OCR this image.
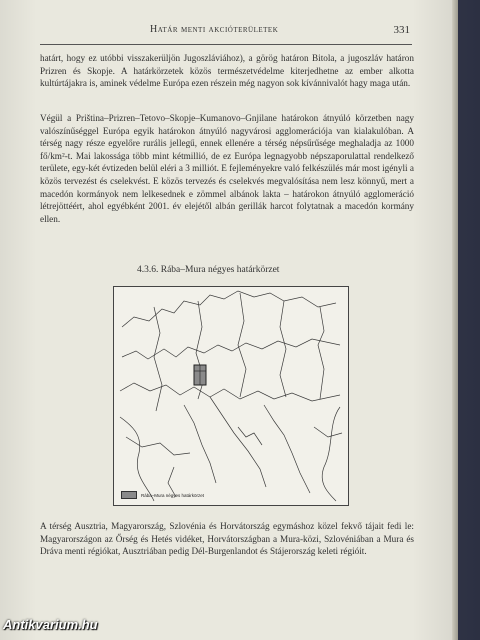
Határ menti akcióterületek	331

határt, hogy ez utóbbi visszakerüljön Jugoszláviához), a görög határon Bitola, a jugoszláv határon Prizren és Skopje. A határkörzetek közös természetvédelme kiterjedhetne az ember alkotta kultúrtájakra is, aminek védelme Európa ezen részein még nagyon sok kívánnivalót hagy maga után.

Végül a Priština–Prizren–Tetovo–Skopje–Kumanovo–Gnjilane határokon átnyúló körzetben nagy valószínűséggel Európa egyik határokon átnyúló nagyvárosi agglomerációja van kialakulóban. A térség nagy része egyelőre rurális jellegű, ennek ellenére a térség népsűrűsége meghaladja az 1000 fő/km²-t. Mai lakossága több mint kétmillió, de ez Európa legnagyobb népszaporulattal rendelkező területe, egy-két évtizeden belül eléri a 3 milliót. E fejleményekre való felkészülés már most igényli a közös tervezést és cselekvést. E közös tervezés és cselekvés megvalósítása nem lesz könnyű, mert a macedón kormányok nem lelkesednek e zömmel albánok lakta – határokon átnyúló agglomeráció létrejöttéért, ahol egyébként 2001. év elejétől albán gerillák harcot folytatnak a macedón kormány ellen.

4.3.6. Rába–Mura négyes határkörzet
Rába–Mura négyes határkörzet

A térség Ausztria, Magyarország, Szlovénia és Horvátország egymáshoz közel fekvő tájait fedi le: Magyarországon az Őrség és Hetés vidéket, Horvátországban a Mura-közi, Szlovéniában a Mura és Dráva menti régiókat, Ausztriában pedig Dél-Burgenlandot és Stájerország keleti régióit.

Antikvarium.hu
